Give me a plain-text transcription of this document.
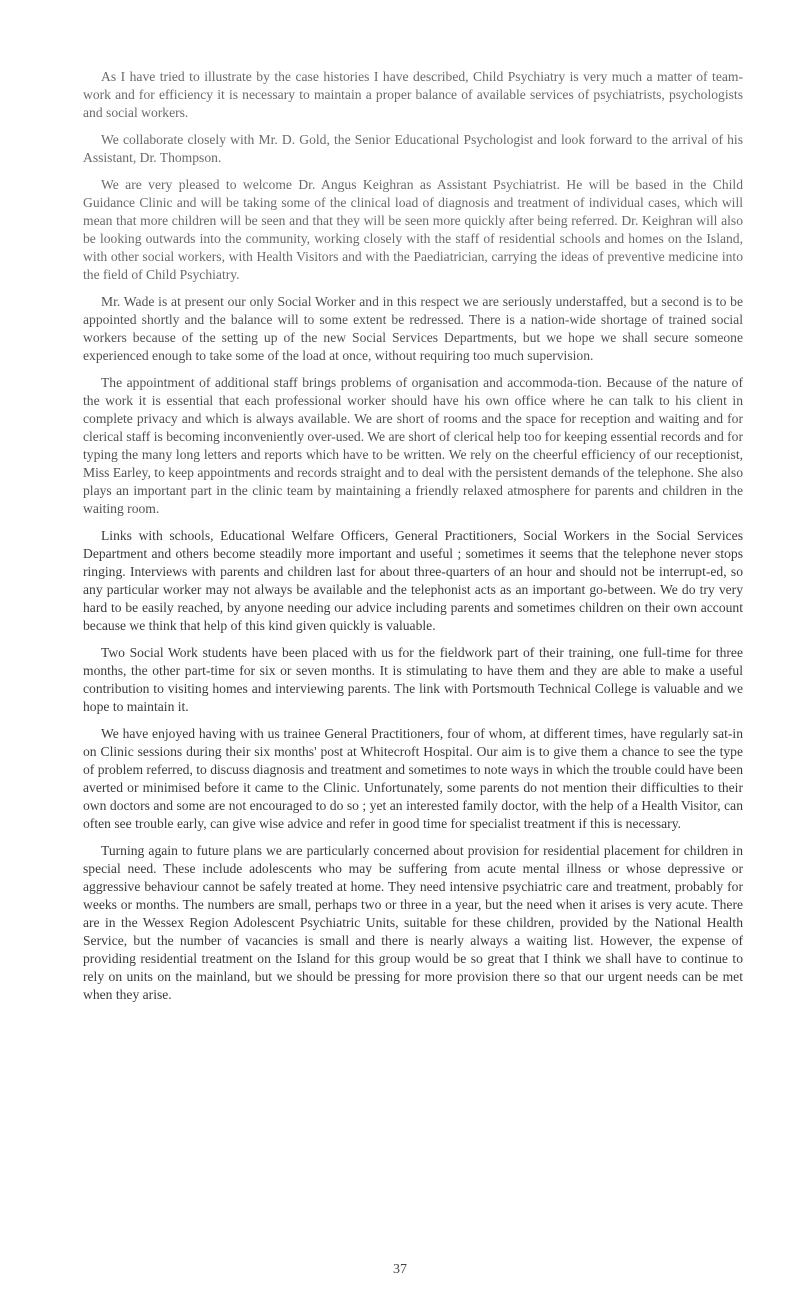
As I have tried to illustrate by the case histories I have described, Child Psychiatry is very much a matter of team-work and for efficiency it is necessary to maintain a proper balance of available services of psychiatrists, psychologists and social workers.

We collaborate closely with Mr. D. Gold, the Senior Educational Psychologist and look forward to the arrival of his Assistant, Dr. Thompson.

We are very pleased to welcome Dr. Angus Keighran as Assistant Psychiatrist. He will be based in the Child Guidance Clinic and will be taking some of the clinical load of diagnosis and treatment of individual cases, which will mean that more children will be seen and that they will be seen more quickly after being referred. Dr. Keighran will also be looking outwards into the community, working closely with the staff of residential schools and homes on the Island, with other social workers, with Health Visitors and with the Paediatrician, carrying the ideas of preventive medicine into the field of Child Psychiatry.

Mr. Wade is at present our only Social Worker and in this respect we are seriously understaffed, but a second is to be appointed shortly and the balance will to some extent be redressed. There is a nation-wide shortage of trained social workers because of the setting up of the new Social Services Departments, but we hope we shall secure someone experienced enough to take some of the load at once, without requiring too much supervision.

The appointment of additional staff brings problems of organisation and accommoda-tion. Because of the nature of the work it is essential that each professional worker should have his own office where he can talk to his client in complete privacy and which is always available. We are short of rooms and the space for reception and waiting and for clerical staff is becoming inconveniently over-used. We are short of clerical help too for keeping essential records and for typing the many long letters and reports which have to be written. We rely on the cheerful efficiency of our receptionist, Miss Earley, to keep appointments and records straight and to deal with the persistent demands of the telephone. She also plays an important part in the clinic team by maintaining a friendly relaxed atmosphere for parents and children in the waiting room.

Links with schools, Educational Welfare Officers, General Practitioners, Social Workers in the Social Services Department and others become steadily more important and useful ; sometimes it seems that the telephone never stops ringing. Interviews with parents and children last for about three-quarters of an hour and should not be interrupt-ed, so any particular worker may not always be available and the telephonist acts as an important go-between. We do try very hard to be easily reached, by anyone needing our advice including parents and sometimes children on their own account because we think that help of this kind given quickly is valuable.

Two Social Work students have been placed with us for the fieldwork part of their training, one full-time for three months, the other part-time for six or seven months. It is stimulating to have them and they are able to make a useful contribution to visiting homes and interviewing parents. The link with Portsmouth Technical College is valuable and we hope to maintain it.

We have enjoyed having with us trainee General Practitioners, four of whom, at different times, have regularly sat-in on Clinic sessions during their six months' post at Whitecroft Hospital. Our aim is to give them a chance to see the type of problem referred, to discuss diagnosis and treatment and sometimes to note ways in which the trouble could have been averted or minimised before it came to the Clinic. Unfortunately, some parents do not mention their difficulties to their own doctors and some are not encouraged to do so ; yet an interested family doctor, with the help of a Health Visitor, can often see trouble early, can give wise advice and refer in good time for specialist treatment if this is necessary.

Turning again to future plans we are particularly concerned about provision for residential placement for children in special need. These include adolescents who may be suffering from acute mental illness or whose depressive or aggressive behaviour cannot be safely treated at home. They need intensive psychiatric care and treatment, probably for weeks or months. The numbers are small, perhaps two or three in a year, but the need when it arises is very acute. There are in the Wessex Region Adolescent Psychiatric Units, suitable for these children, provided by the National Health Service, but the number of vacancies is small and there is nearly always a waiting list. However, the expense of providing residential treatment on the Island for this group would be so great that I think we shall have to continue to rely on units on the mainland, but we should be pressing for more provision there so that our urgent needs can be met when they arise.

37
